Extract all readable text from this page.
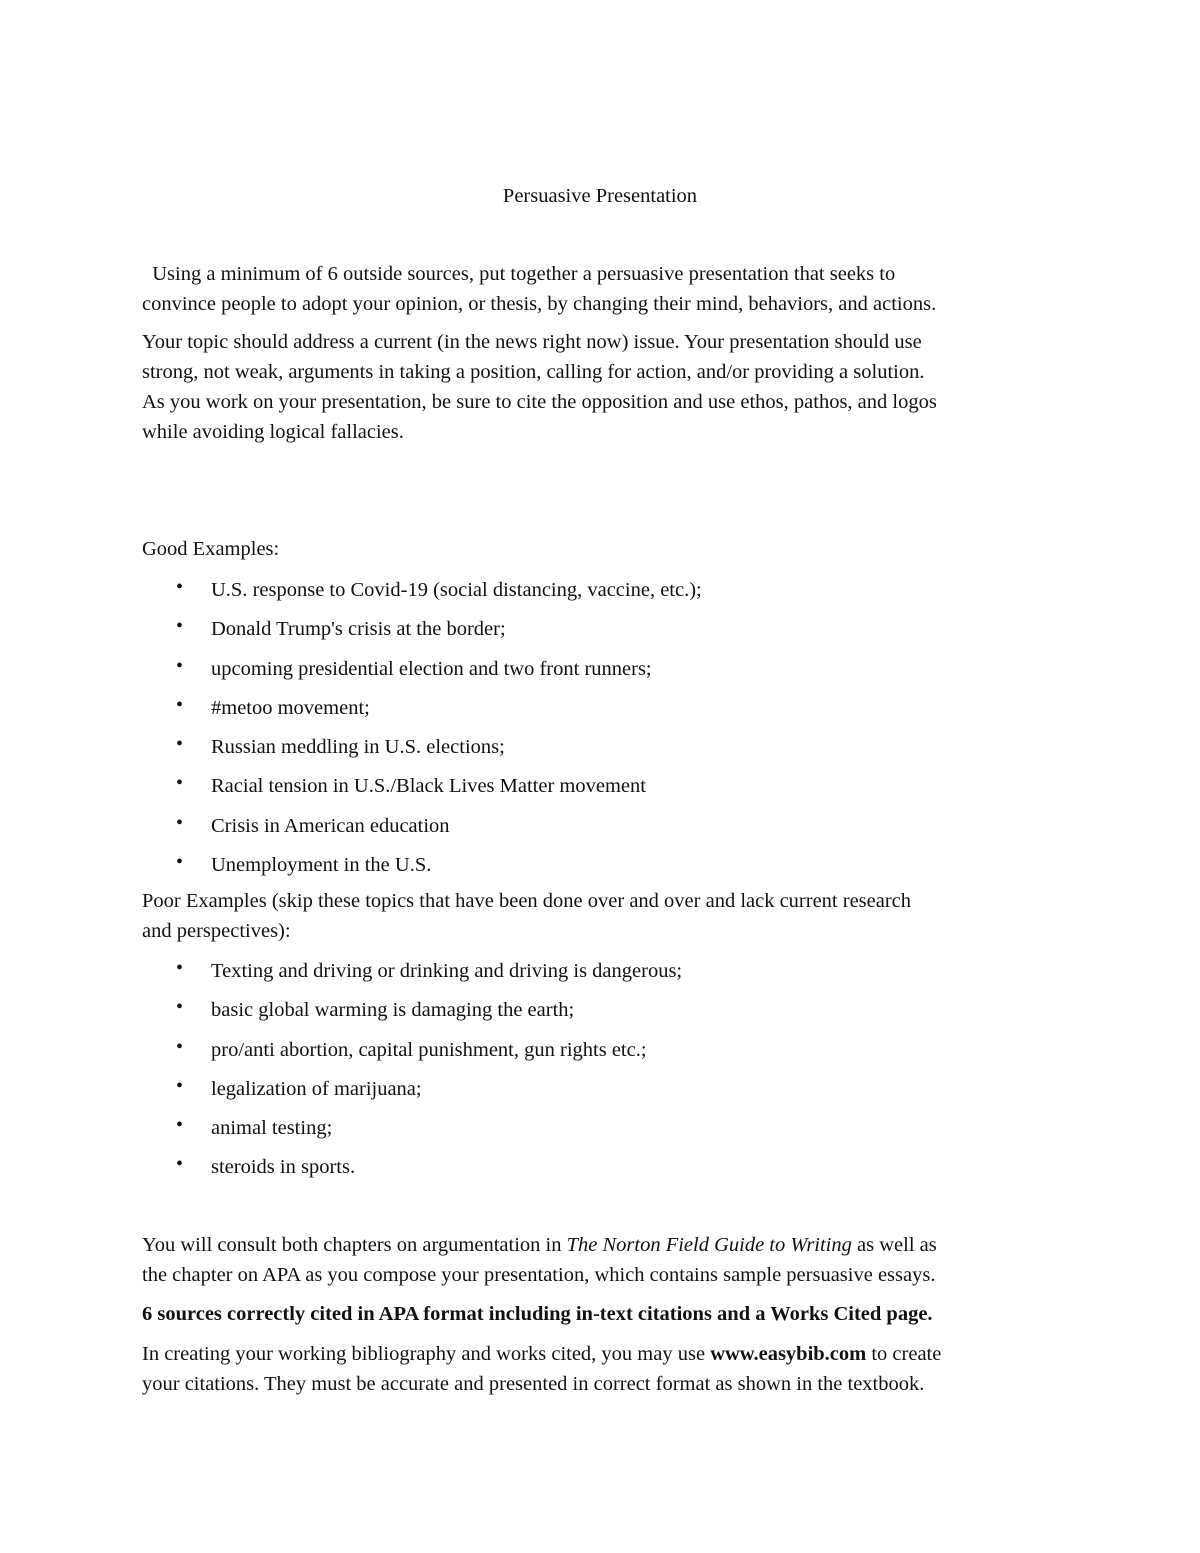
Persuasive Presentation

Using a minimum of 6 outside sources, put together a persuasive presentation that seeks to
convince people to adopt your opinion, or thesis, by changing their mind, behaviors, and actions.

Your topic should address a current (in the news right now) issue. Your presentation should use
strong, not weak, arguments in taking a position, calling for action, and/or providing a solution.
As you work on your presentation, be sure to cite the opposition and use ethos, pathos, and logos
while avoiding logical fallacies.

Good Examples:

• U.S. response to Covid-19 (social distancing, vaccine, etc.);
• Donald Trump's crisis at the border;
• upcoming presidential election and two front runners;
• #metoo movement;
• Russian meddling in U.S. elections;
• Racial tension in U.S./Black Lives Matter movement
• Crisis in American education
• Unemployment in the U.S.

Poor Examples (skip these topics that have been done over and over and lack current research
and perspectives):

• Texting and driving or drinking and driving is dangerous;
• basic global warming is damaging the earth;
• pro/anti abortion, capital punishment, gun rights etc.;
• legalization of marijuana;
• animal testing;
• steroids in sports.

You will consult both chapters on argumentation in The Norton Field Guide to Writing as well as
the chapter on APA as you compose your presentation, which contains sample persuasive essays.

6 sources correctly cited in APA format including in-text citations and a Works Cited page.

In creating your working bibliography and works cited, you may use www.easybib.com to create
your citations. They must be accurate and presented in correct format as shown in the textbook.
